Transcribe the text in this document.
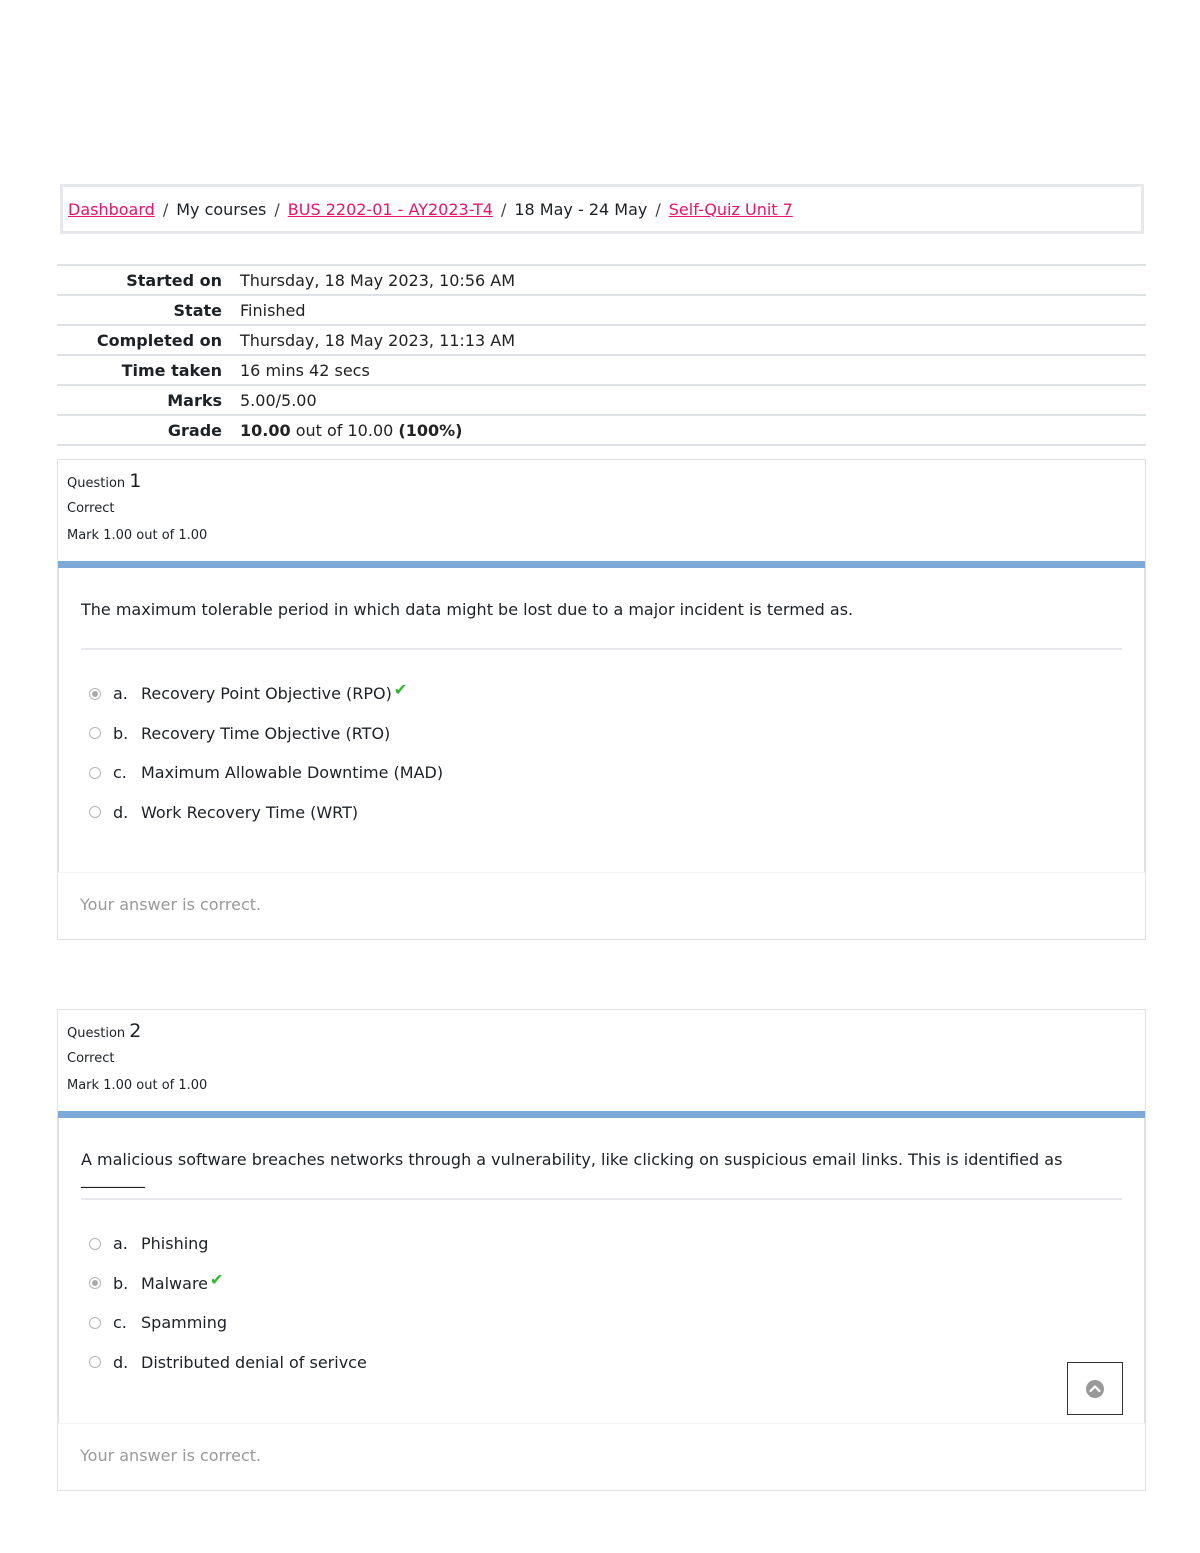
Dashboard / My courses / BUS 2202-01 - AY2023-T4 / 18 May - 24 May / Self-Quiz Unit 7
Started on	Thursday, 18 May 2023, 10:56 AM
State	Finished
Completed on	Thursday, 18 May 2023, 11:13 AM
Time taken	16 mins 42 secs
Marks	5.00/5.00
Grade	10.00 out of 10.00 (100%)
Question 1
Correct
Mark 1.00 out of 1.00
The maximum tolerable period in which data might be lost due to a major incident is termed as.
a. Recovery Point Objective (RPO) ✔
b. Recovery Time Objective (RTO)
c. Maximum Allowable Downtime (MAD)
d. Work Recovery Time (WRT)
Your answer is correct.
Question 2
Correct
Mark 1.00 out of 1.00
A malicious software breaches networks through a vulnerability, like clicking on suspicious email links. This is identified as ________
a. Phishing
b. Malware ✔
c. Spamming
d. Distributed denial of serivce
Your answer is correct.
